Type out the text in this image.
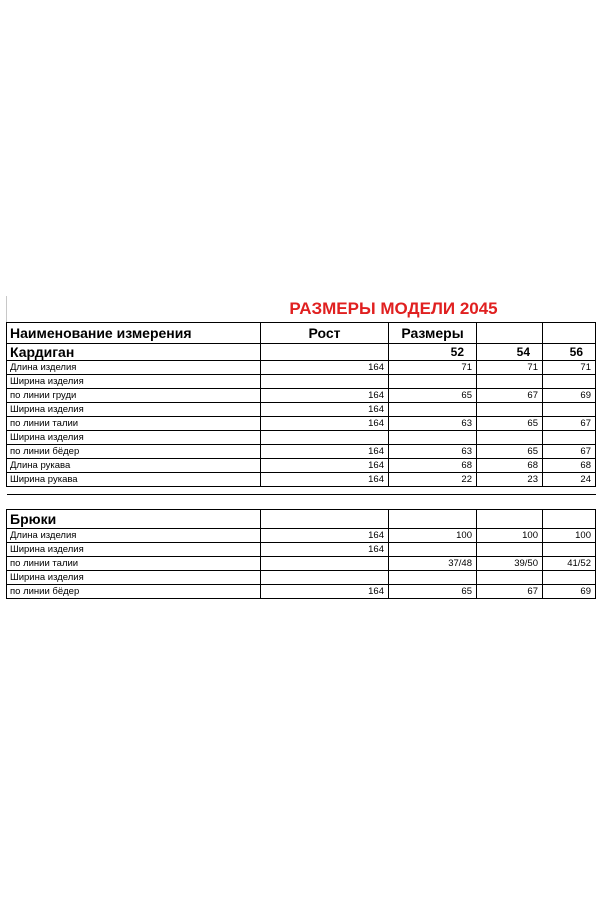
РАЗМЕРЫ МОДЕЛИ 2045
Наименование измерения	Рост	Размеры		
Кардиган		52	54	56
Длина изделия	164	71	71	71
Ширина изделия				
по линии груди	164	65	67	69
Ширина изделия	164			
по линии талии	164	63	65	67
Ширина изделия				
по линии бёдер	164	63	65	67
Длина рукава	164	68	68	68
Ширина рукава	164	22	23	24

Брюки				
Длина изделия	164	100	100	100
Ширина изделия	164			
по линии талии		37/48	39/50	41/52
Ширина изделия				
по линии бёдер	164	65	67	69
